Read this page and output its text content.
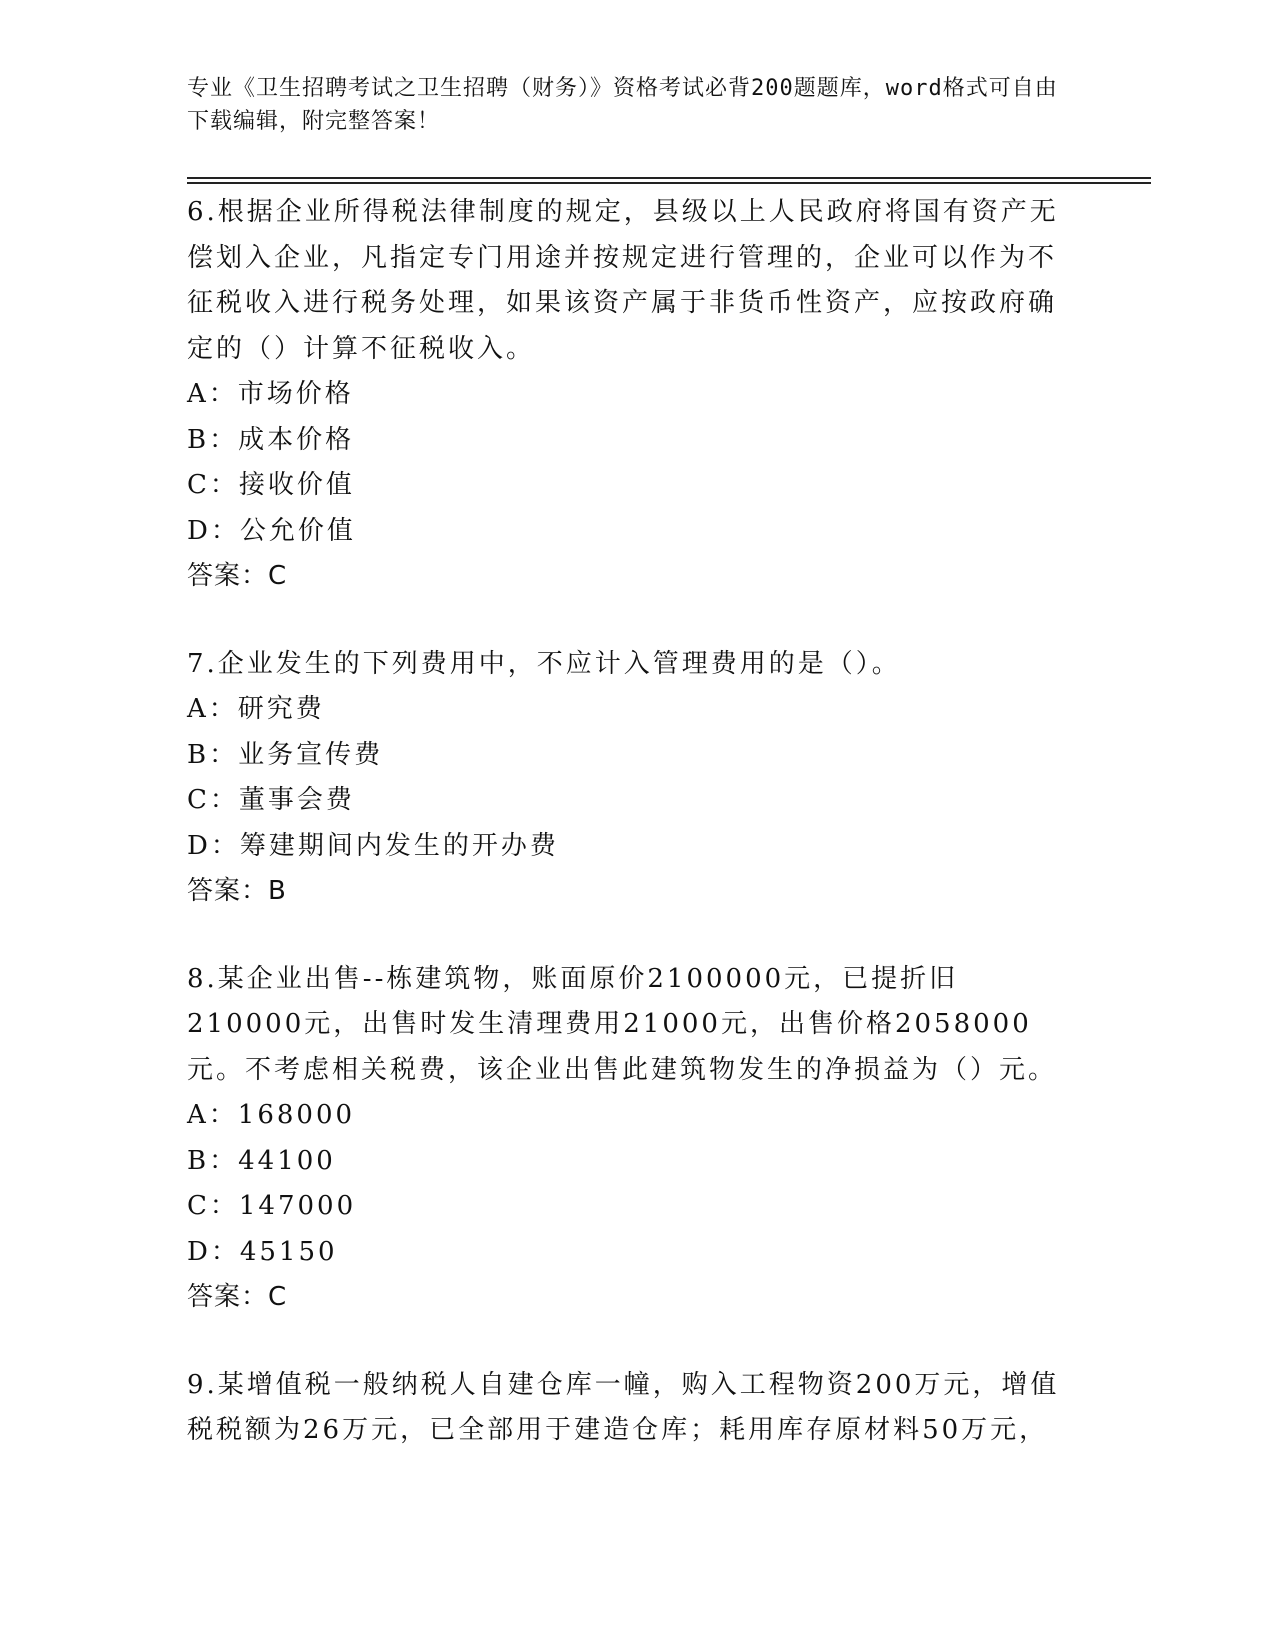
专业《卫生招聘考试之卫生招聘（财务）》资格考试必背200题题库，word格式可自由下载编辑，附完整答案！
6.根据企业所得税法律制度的规定，县级以上人民政府将国有资产无偿划入企业，凡指定专门用途并按规定进行管理的，企业可以作为不征税收入进行税务处理，如果该资产属于非货币性资产，应按政府确定的（）计算不征税收入。
A：市场价格
B：成本价格
C：接收价值
D：公允价值
答案：C
7.企业发生的下列费用中，不应计入管理费用的是（）。
A：研究费
B：业务宣传费
C：董事会费
D：筹建期间内发生的开办费
答案：B
8.某企业出售--栋建筑物，账面原价2100000元，已提折旧210000元，出售时发生清理费用21000元，出售价格2058000元。不考虑相关税费，该企业出售此建筑物发生的净损益为（）元。
A：168000
B：44100
C：147000
D：45150
答案：C
9.某增值税一般纳税人自建仓库一幢，购入工程物资200万元，增值税税额为26万元，已全部用于建造仓库；耗用库存原材料50万元，
